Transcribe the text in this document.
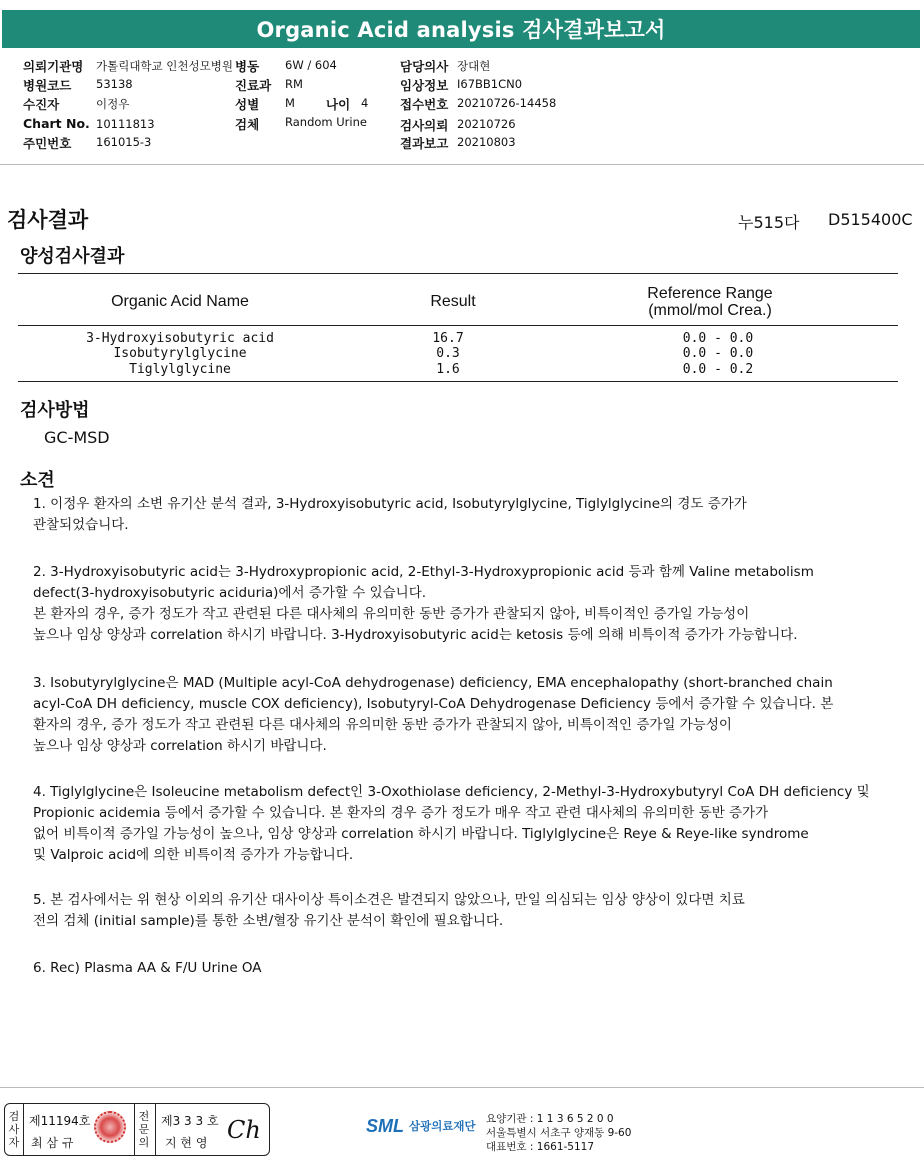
Organic Acid analysis 검사결과보고서
의뢰기관명 가톨릭대학교 인천성모병원 병동 6W / 604	담당의사 장대현
병원코드 53138	진료과 RM	임상정보 I67BB1CN0
수진자	이정우	성별 M 나이 4	접수번호 20210726-14458
Chart No. 10111813	검체 Random Urine	검사의뢰 20210726
주민번호 161015-3	결과보고 20210803
검사결과	누515다 D515400C
양성검사결과
Organic Acid Name	Result	Reference Range
(mmol/mol Crea.)
3-Hydroxyisobutyric acid	16.7	0.0 - 0.0
Isobutyrylglycine	0.3	0.0 - 0.0
Tiglylglycine	1.6	0.0 - 0.2
검사방법
GC-MSD
소견
1. 이정우 환자의 소변 유기산 분석 결과, 3-Hydroxyisobutyric acid, Isobutyrylglycine, Tiglylglycine의 경도 증가가
관찰되었습니다.
2. 3-Hydroxyisobutyric acid는 3-Hydroxypropionic acid, 2-Ethyl-3-Hydroxypropionic acid 등과 함께 Valine metabolism
defect(3-hydroxyisobutyric aciduria)에서 증가할 수 있습니다.
본 환자의 경우, 증가 정도가 작고 관련된 다른 대사체의 유의미한 동반 증가가 관찰되지 않아, 비특이적인 증가일 가능성이
높으나 임상 양상과 correlation 하시기 바랍니다. 3-Hydroxyisobutyric acid는 ketosis 등에 의해 비특이적 증가가 가능합니다.
3. Isobutyrylglycine은 MAD (Multiple acyl-CoA dehydrogenase) deficiency, EMA encephalopathy (short-branched chain
acyl-CoA DH deficiency, muscle COX deficiency), Isobutyryl-CoA Dehydrogenase Deficiency 등에서 증가할 수 있습니다. 본
환자의 경우, 증가 정도가 작고 관련된 다른 대사체의 유의미한 동반 증가가 관찰되지 않아, 비특이적인 증가일 가능성이
높으나 임상 양상과 correlation 하시기 바랍니다.
4. Tiglylglycine은 Isoleucine metabolism defect인 3-Oxothiolase deficiency, 2-Methyl-3-Hydroxybutyryl CoA DH deficiency 및
Propionic acidemia 등에서 증가할 수 있습니다. 본 환자의 경우 증가 정도가 매우 작고 관련 대사체의 유의미한 동반 증가가
없어 비특이적 증가일 가능성이 높으나, 임상 양상과 correlation 하시기 바랍니다. Tiglylglycine은 Reye & Reye-like syndrome
및 Valproic acid에 의한 비특이적 증가가 가능합니다.
5. 본 검사에서는 위 현상 이외의 유기산 대사이상 특이소견은 발견되지 않았으나, 만일 의심되는 임상 양상이 있다면 치료
전의 검체 (initial sample)를 통한 소변/혈장 유기산 분석이 확인에 필요합니다.
6. Rec) Plasma AA & F/U Urine OA
검
사
자
제11194호
최 삼 규
전
문
의
제3 3 3 호
지 현 영 Ch	SML 삼광의료재단 요양기관 : 1 1 3 6 5 2 0 0
서울특별시 서초구 양재동 9-60
대표번호 : 1661-5117
